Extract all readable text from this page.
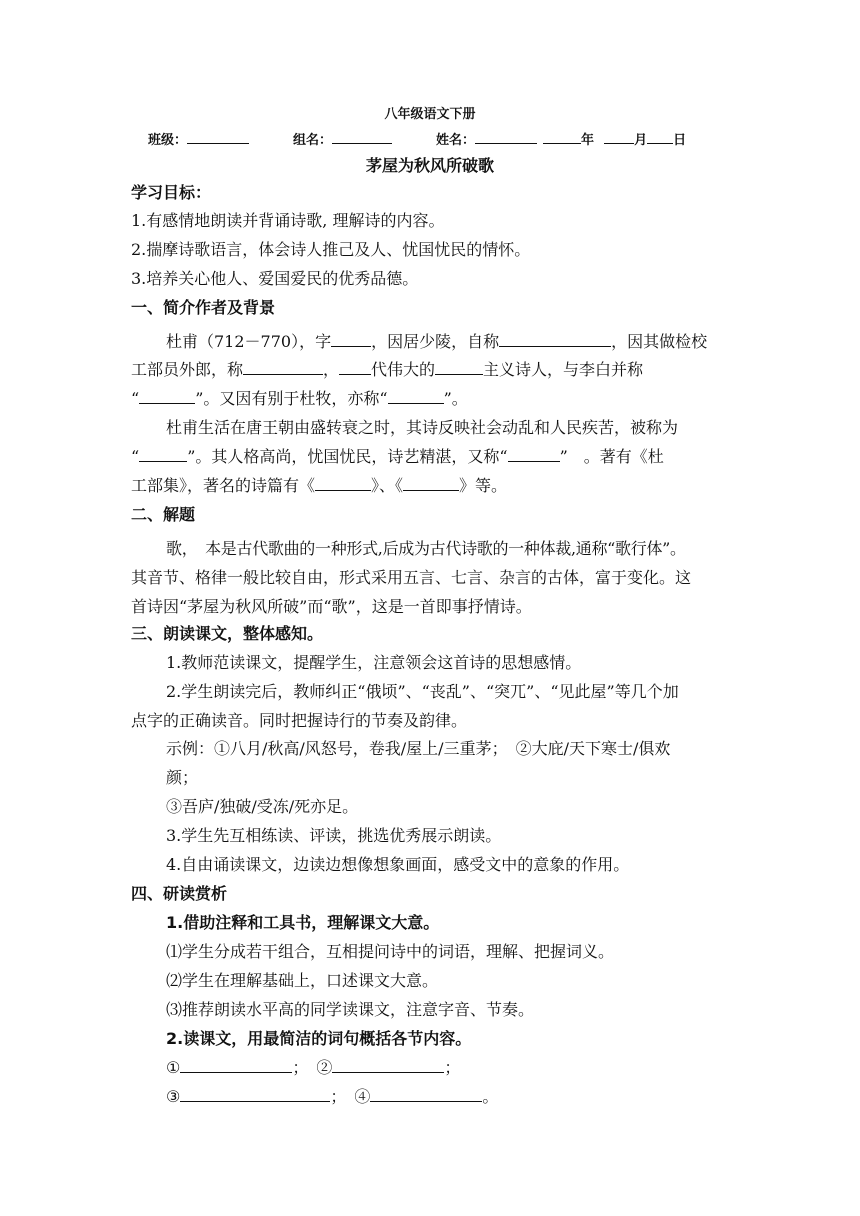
八年级语文下册
班级：	组名：	姓名：	年	月 日
茅屋为秋风所破歌
学习目标：
1.有感情地朗读并背诵诗歌, 理解诗的内容。
2.揣摩诗歌语言，体会诗人推己及人、忧国忧民的情怀。
3.培养关心他人、爱国爱民的优秀品德。
一、简介作者及背景
杜甫（712－770），字	，因居少陵，自称	，因其做检校
工部员外郎，称	， 代伟大的	主义诗人，与李白并称
“	”。又因有别于杜牧，亦称“	”。
杜甫生活在唐王朝由盛转衰之时，其诗反映社会动乱和人民疾苦，被称为
“	”。其人格高尚，忧国忧民，诗艺精湛，又称“	”　。著有《杜
工部集》，著名的诗篇有《	》、《	》等。
二、解题
歌，　本是古代歌曲的一种形式,后成为古代诗歌的一种体裁,通称“歌行体”。
其音节、格律一般比较自由，形式采用五言、七言、杂言的古体，富于变化。这
首诗因“茅屋为秋风所破”而“歌”，这是一首即事抒情诗。
三、朗读课文，整体感知。
1.教师范读课文，提醒学生，注意领会这首诗的思想感情。
2.学生朗读完后，教师纠正“俄顷”、“丧乱”、“突兀”、“见此屋”等几个加
点字的正确读音。同时把握诗行的节奏及韵律。
示例：①八月/秋高/风怒号，卷我/屋上/三重茅；　②大庇/天下寒士/俱欢
颜；
③吾庐/独破/受冻/死亦足。
3.学生先互相练读、评读，挑选优秀展示朗读。
4.自由诵读课文，边读边想像想象画面，感受文中的意象的作用。
四、研读赏析
1.借助注释和工具书，理解课文大意。
⑴学生分成若干组合，互相提问诗中的词语，理解、把握词义。
⑵学生在理解基础上，口述课文大意。
⑶推荐朗读水平高的同学读课文，注意字音、节奏。
2.读课文，用最简洁的词句概括各节内容。
①	；　②	；
③	；　④	。
